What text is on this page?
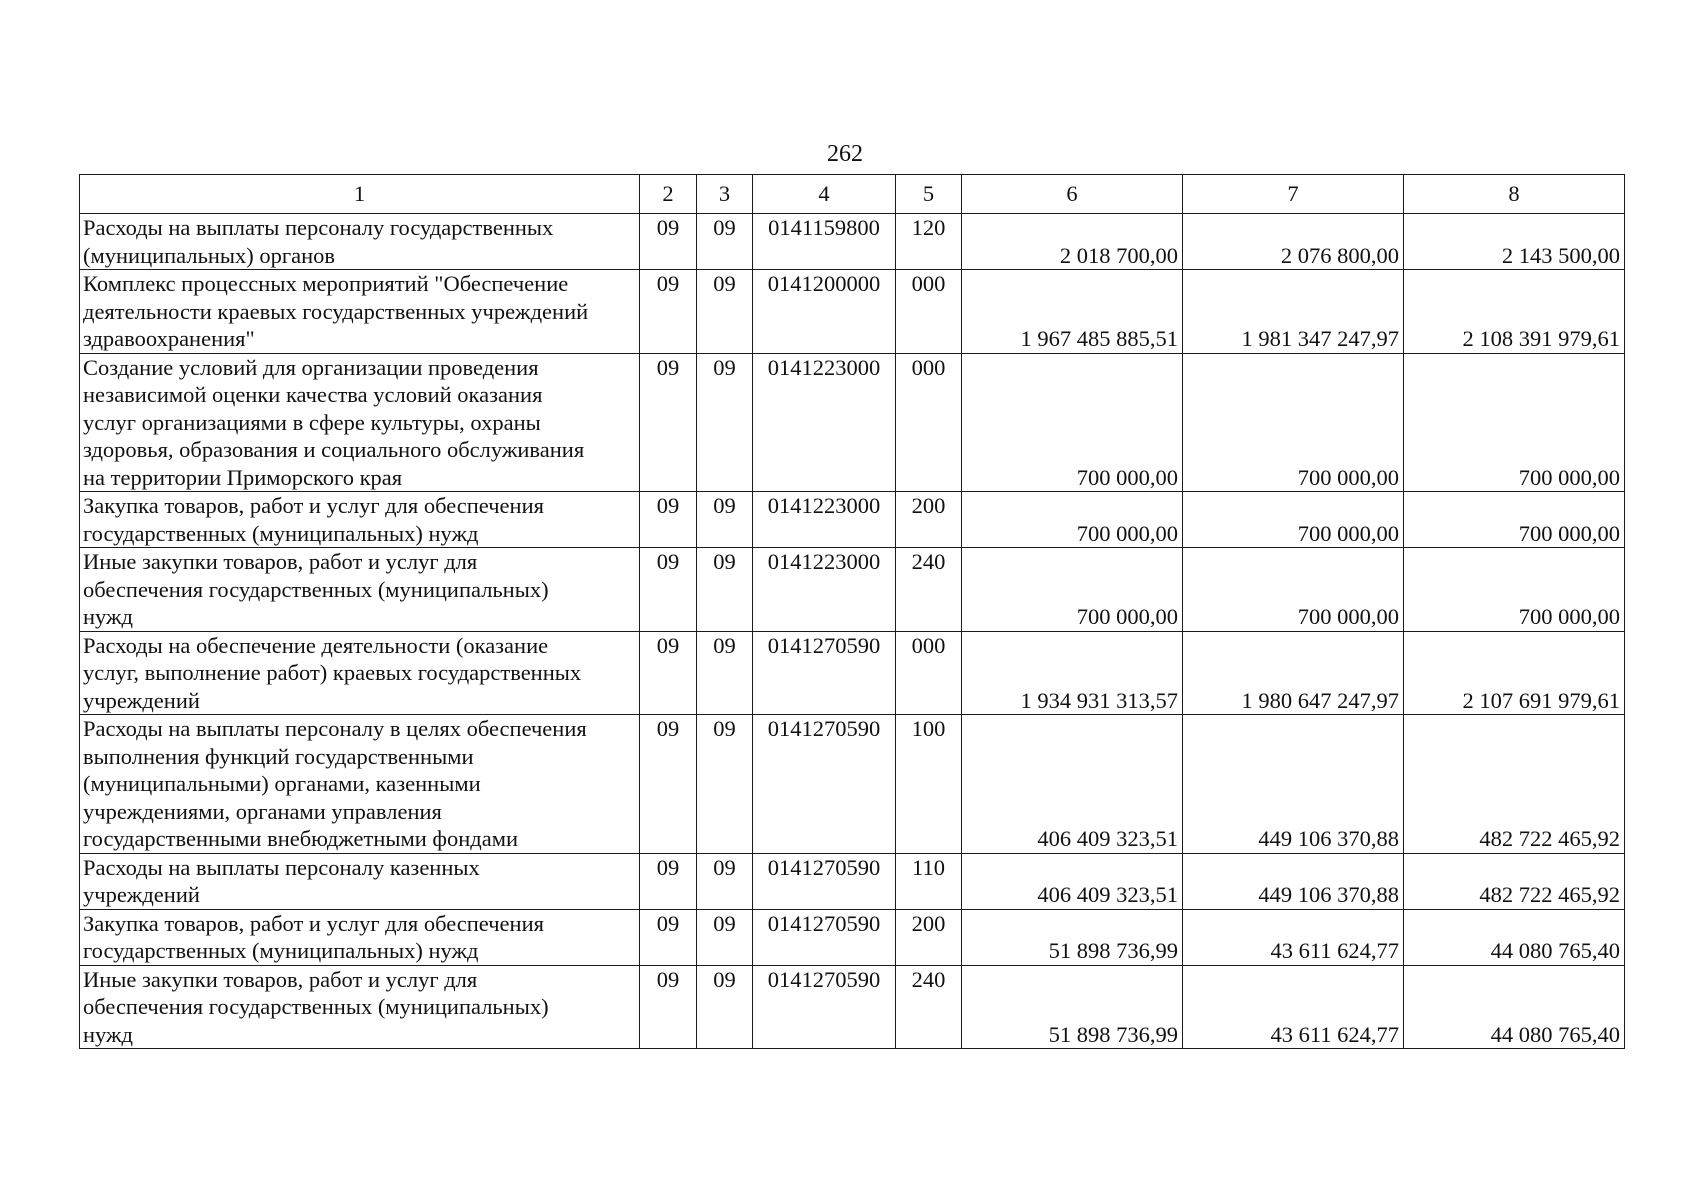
262
1	2	3	4	5	6	7	8
Расходы на выплаты персоналу государственных
(муниципальных) органов	09	09	0141159800	120	2 018 700,00	2 076 800,00	2 143 500,00
Комплекс процессных мероприятий "Обеспечение
деятельности краевых государственных учреждений
здравоохранения"	09	09	0141200000	000	1 967 485 885,51	1 981 347 247,97	2 108 391 979,61
Создание условий для организации проведения
независимой оценки качества условий оказания
услуг организациями в сфере культуры, охраны
здоровья, образования и социального обслуживания
на территории Приморского края	09	09	0141223000	000	700 000,00	700 000,00	700 000,00
Закупка товаров, работ и услуг для обеспечения
государственных (муниципальных) нужд	09	09	0141223000	200	700 000,00	700 000,00	700 000,00
Иные закупки товаров, работ и услуг для
обеспечения государственных (муниципальных)
нужд	09	09	0141223000	240	700 000,00	700 000,00	700 000,00
Расходы на обеспечение деятельности (оказание
услуг, выполнение работ) краевых государственных
учреждений	09	09	0141270590	000	1 934 931 313,57	1 980 647 247,97	2 107 691 979,61
Расходы на выплаты персоналу в целях обеспечения
выполнения функций государственными
(муниципальными) органами, казенными
учреждениями, органами управления
государственными внебюджетными фондами	09	09	0141270590	100	406 409 323,51	449 106 370,88	482 722 465,92
Расходы на выплаты персоналу казенных
учреждений	09	09	0141270590	110	406 409 323,51	449 106 370,88	482 722 465,92
Закупка товаров, работ и услуг для обеспечения
государственных (муниципальных) нужд	09	09	0141270590	200	51 898 736,99	43 611 624,77	44 080 765,40
Иные закупки товаров, работ и услуг для
обеспечения государственных (муниципальных)
нужд	09	09	0141270590	240	51 898 736,99	43 611 624,77	44 080 765,40
